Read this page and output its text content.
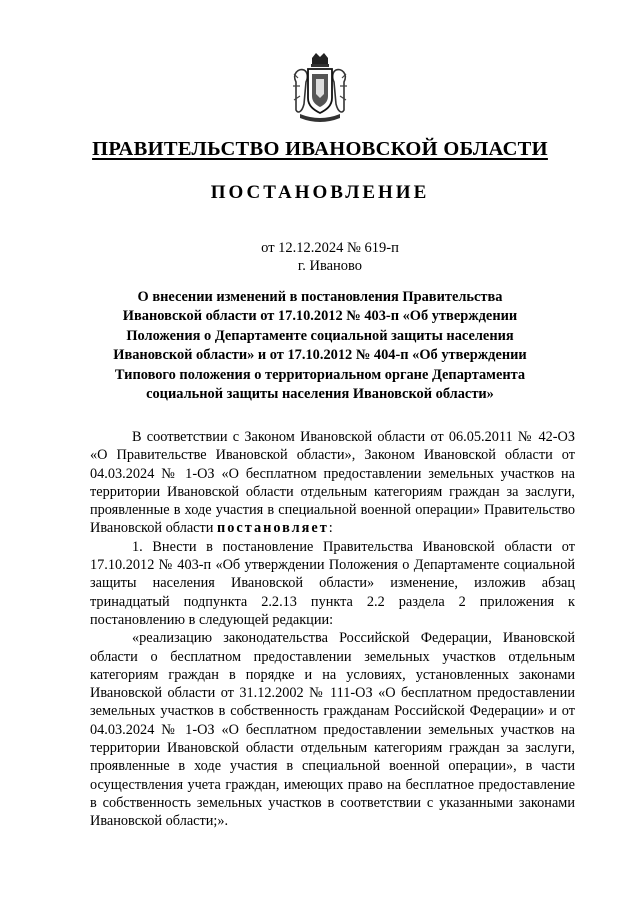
ПРАВИТЕЛЬСТВО ИВАНОВСКОЙ ОБЛАСТИ
ПОСТАНОВЛЕНИЕ
от 12.12.2024 № 619-п
г. Иваново
О внесении изменений в постановления Правительства
Ивановской области от 17.10.2012 № 403-п «Об утверждении
Положения о Департаменте социальной защиты населения
Ивановской области» и от 17.10.2012 № 404-п «Об утверждении
Типового положения о территориальном органе Департамента
социальной защиты населения Ивановской области»

В соответствии с Законом Ивановской области от 06.05.2011 № 42-ОЗ «О Правительстве Ивановской области», Законом Ивановской области от 04.03.2024 № 1-ОЗ «О бесплатном предоставлении земельных участков на территории Ивановской области отдельным категориям граждан за заслуги, проявленные в ходе участия в специальной военной операции» Правительство Ивановской области постановляет:

1. Внести в постановление Правительства Ивановской области от 17.10.2012 № 403-п «Об утверждении Положения о Департаменте социальной защиты населения Ивановской области» изменение, изложив абзац тринадцатый подпункта 2.2.13 пункта 2.2 раздела 2 приложения к постановлению в следующей редакции:

«реализацию законодательства Российской Федерации, Ивановской области о бесплатном предоставлении земельных участков отдельным категориям граждан в порядке и на условиях, установленных законами Ивановской области от 31.12.2002 № 111-ОЗ «О бесплатном предоставлении земельных участков в собственность гражданам Российской Федерации» и от 04.03.2024 № 1-ОЗ «О бесплатном предоставлении земельных участков на территории Ивановской области отдельным категориям граждан за заслуги, проявленные в ходе участия в специальной военной операции», в части осуществления учета граждан, имеющих право на бесплатное предоставление в собственность земельных участков в соответствии с указанными законами Ивановской области;».
